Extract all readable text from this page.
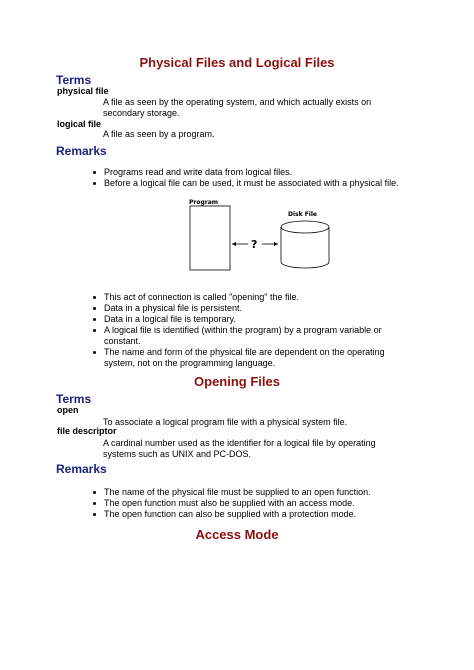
Physical Files and Logical Files
Terms
physical file
A file as seen by the operating system, and which actually exists on secondary storage.
logical file
A file as seen by a program.
Remarks
Programs read and write data from logical files.
Before a logical file can be used, it must be associated with a physical file.
Program
Disk File
?
This act of connection is called "opening" the file.
Data in a physical file is persistent.
Data in a logical file is temporary.
A logical file is identified (within the program) by a program variable or constant.
The name and form of the physical file are dependent on the operating system, not on the programming language.
Opening Files
Terms
open
To associate a logical program file with a physical system file.
file descriptor
A cardinal number used as the identifier for a logical file by operating systems such as UNIX and PC-DOS.
Remarks
The name of the physical file must be supplied to an open function.
The open function must also be supplied with an access mode.
The open function can also be supplied with a protection mode.
Access Mode
